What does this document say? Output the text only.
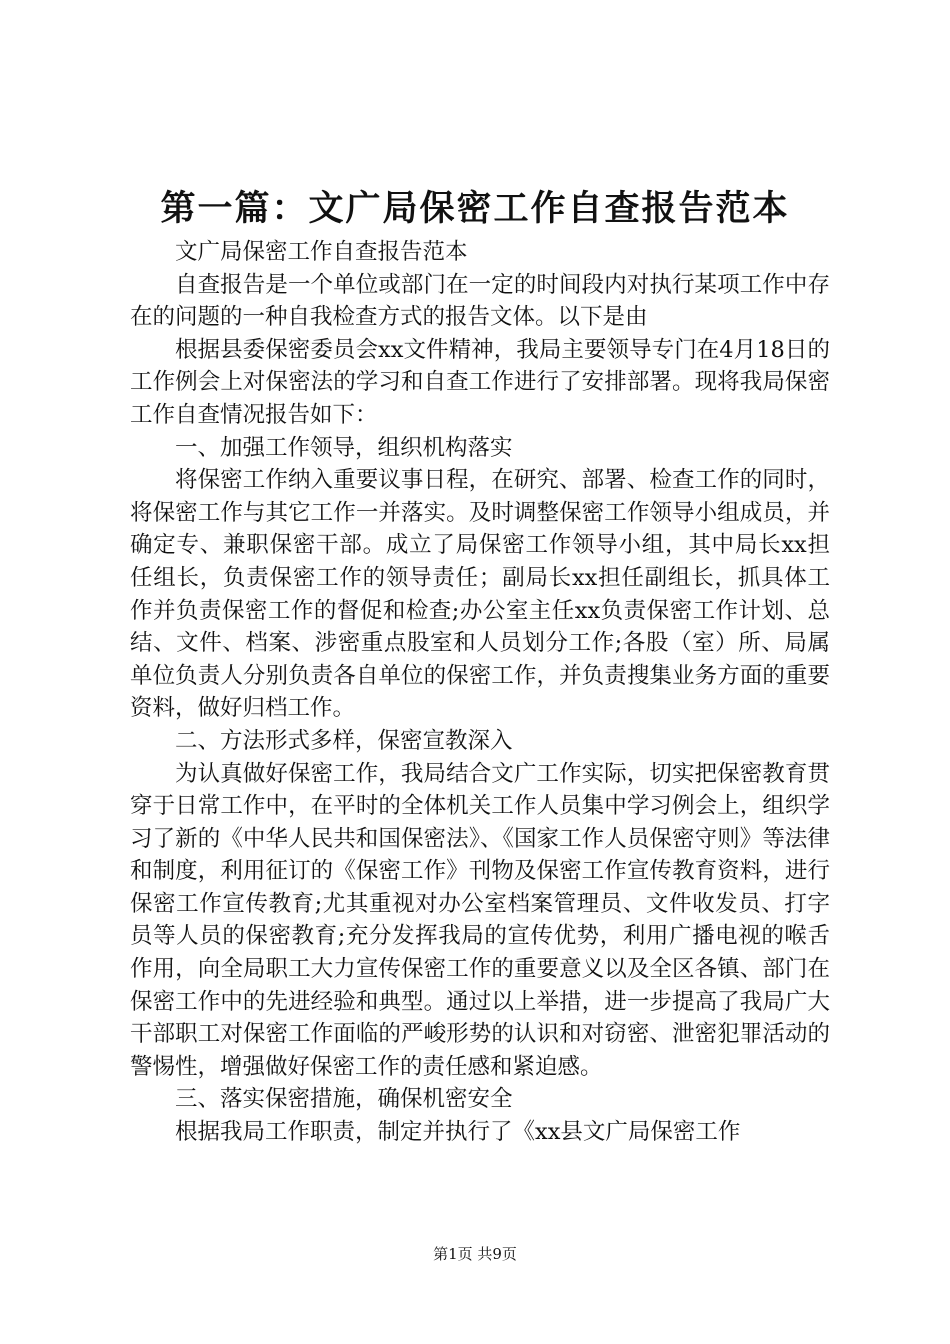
第一篇：文广局保密工作自查报告范本

文广局保密工作自查报告范本

自查报告是一个单位或部门在一定的时间段内对执行某项工作中存在的问题的一种自我检查方式的报告文体。以下是由

根据县委保密委员会xx文件精神，我局主要领导专门在4月18日的工作例会上对保密法的学习和自查工作进行了安排部署。现将我局保密工作自查情况报告如下：

一、加强工作领导，组织机构落实

将保密工作纳入重要议事日程，在研究、部署、检查工作的同时，将保密工作与其它工作一并落实。及时调整保密工作领导小组成员，并确定专、兼职保密干部。成立了局保密工作领导小组，其中局长xx担任组长，负责保密工作的领导责任；副局长xx担任副组长，抓具体工作并负责保密工作的督促和检查;办公室主任xx负责保密工作计划、总结、文件、档案、涉密重点股室和人员划分工作;各股（室）所、局属单位负责人分别负责各自单位的保密工作，并负责搜集业务方面的重要资料，做好归档工作。

二、方法形式多样，保密宣教深入

为认真做好保密工作，我局结合文广工作实际，切实把保密教育贯穿于日常工作中，在平时的全体机关工作人员集中学习例会上，组织学习了新的《中华人民共和国保密法》、《国家工作人员保密守则》等法律和制度，利用征订的《保密工作》刊物及保密工作宣传教育资料，进行保密工作宣传教育;尤其重视对办公室档案管理员、文件收发员、打字员等人员的保密教育;充分发挥我局的宣传优势，利用广播电视的喉舌作用，向全局职工大力宣传保密工作的重要意义以及全区各镇、部门在保密工作中的先进经验和典型。通过以上举措，进一步提高了我局广大干部职工对保密工作面临的严峻形势的认识和对窃密、泄密犯罪活动的警惕性，增强做好保密工作的责任感和紧迫感。

三、落实保密措施，确保机密安全

根据我局工作职责，制定并执行了《xx县文广局保密工作

第1页 共9页
